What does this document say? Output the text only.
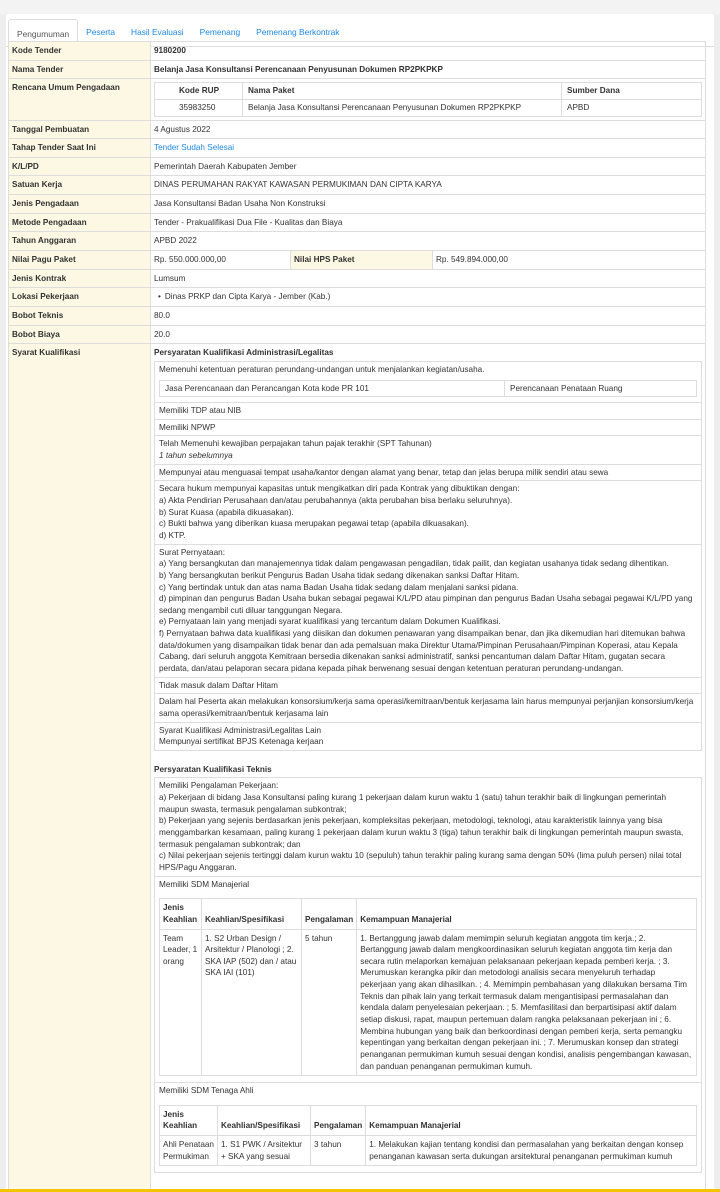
Pengumuman	Peserta	Hasil Evaluasi	Pemenang	Pemenang Berkontrak
Kode Tender	9180200
Nama Tender	Belanja Jasa Konsultansi Perencanaan Penyusunan Dokumen RP2PKPKP
Rencana Umum Pengadaan		Kode RUP	Nama Paket	Sumber Dana
35983250	Belanja Jasa Konsultansi Perencanaan Penyusunan Dokumen RP2PKPKP	APBD

Tanggal Pembuatan	4 Agustus 2022
Tahap Tender Saat Ini	Tender Sudah Selesai
K/L/PD	Pemerintah Daerah Kabupaten Jember
Satuan Kerja	DINAS PERUMAHAN RAKYAT KAWASAN PERMUKIMAN DAN CIPTA KARYA
Jenis Pengadaan	Jasa Konsultansi Badan Usaha Non Konstruksi
Metode Pengadaan	Tender - Prakualifikasi Dua File - Kualitas dan Biaya
Tahun Anggaran	APBD 2022
Nilai Pagu Paket	Rp. 550.000.000,00	Nilai HPS Paket	Rp. 549.894.000,00
Jenis Kontrak	Lumsum
Lokasi Pekerjaan	
•Dinas PRKP dan Cipta Karya - Jember (Kab.)

Bobot Teknis	80.0
Bobot Biaya	20.0
Syarat Kualifikasi	Persyaratan Kualifikasi Administrasi/Legalitas
Memenuhi ketentuan peraturan perundang-undangan untuk menjalankan kegiatan/usaha.
Jasa Perencanaan dan Perancangan Kota kode PR 101	Perencanaan Penataan Ruang
Memiliki TDP atau NIB
Memiliki NPWP
Telah Memenuhi kewajiban perpajakan tahun pajak terakhir (SPT Tahunan)
1 tahun sebelumnya
Mempunyai atau menguasai tempat usaha/kantor dengan alamat yang benar, tetap dan jelas berupa milik sendiri atau sewa
Secara hukum mempunyai kapasitas untuk mengikatkan diri pada Kontrak yang dibuktikan dengan:
a) Akta Pendirian Perusahaan dan/atau perubahannya (akta perubahan bisa berlaku seluruhnya).
b) Surat Kuasa (apabila dikuasakan).
c) Bukti bahwa yang diberikan kuasa merupakan pegawai tetap (apabila dikuasakan).
d) KTP.
Surat Pernyataan:
a) Yang bersangkutan dan manajemennya tidak dalam pengawasan pengadilan, tidak pailit, dan kegiatan usahanya tidak sedang dihentikan.
b) Yang bersangkutan berikut Pengurus Badan Usaha tidak sedang dikenakan sanksi Daftar Hitam.
c) Yang bertindak untuk dan atas nama Badan Usaha tidak sedang dalam menjalani sanksi pidana.
d) pimpinan dan pengurus Badan Usaha bukan sebagai pegawai K/L/PD atau pimpinan dan pengurus Badan Usaha sebagai pegawai K/L/PD yang sedang mengambil cuti diluar tanggungan Negara.
e) Pernyataan lain yang menjadi syarat kualifikasi yang tercantum dalam Dokumen Kualifikasi.
f) Pernyataan bahwa data kualifikasi yang diisikan dan dokumen penawaran yang disampaikan benar, dan jika dikemudian hari ditemukan bahwa data/dokumen yang disampaikan tidak benar dan ada pemalsuan maka Direktur Utama/Pimpinan Perusahaan/Pimpinan Koperasi, atau Kepala Cabang, dari seluruh anggota Kemitraan bersedia dikenakan sanksi administratif, sanksi pencantuman dalam Daftar Hitam, gugatan secara perdata, dan/atau pelaporan secara pidana kepada pihak berwenang sesuai dengan ketentuan peraturan perundang-undangan.
Tidak masuk dalam Daftar Hitam
Dalam hal Peserta akan melakukan konsorsium/kerja sama operasi/kemitraan/bentuk kerjasama lain harus mempunyai perjanjian konsorsium/kerja sama operasi/kemitraan/bentuk kerjasama lain
Syarat Kualifikasi Administrasi/Legalitas Lain
Mempunyai sertifikat BPJS Ketenaga kerjaan
Persyaratan Kualifikasi Teknis
Memiliki Pengalaman Pekerjaan:
a) Pekerjaan di bidang Jasa Konsultansi paling kurang 1 pekerjaan dalam kurun waktu 1 (satu) tahun terakhir baik di lingkungan pemerintah maupun swasta, termasuk pengalaman subkontrak;
b) Pekerjaan yang sejenis berdasarkan jenis pekerjaan, kompleksitas pekerjaan, metodologi, teknologi, atau karakteristik lainnya yang bisa menggambarkan kesamaan, paling kurang 1 pekerjaan dalam kurun waktu 3 (tiga) tahun terakhir baik di lingkungan pemerintah maupun swasta, termasuk pengalaman subkontrak; dan
c) Nilai pekerjaan sejenis tertinggi dalam kurun waktu 10 (sepuluh) tahun terakhir paling kurang sama dengan 50% (lima puluh persen) nilai total HPS/Pagu Anggaran.
Memiliki SDM Manajerial
Jenis Keahlian	Keahlian/Spesifikasi	Pengalaman	Kemampuan Manajerial
Team Leader, 1 orang	1. S2 Urban Design / Arsitektur / Planologi ; 2. SKA IAP (502) dan / atau SKA IAI (101)	5 tahun	1. Bertanggung jawab dalam memimpin seluruh kegiatan anggota tim kerja.; 2. Bertanggung jawab dalam mengkoordinasikan seluruh kegiatan anggota tim kerja dan secara rutin melaporkan kemajuan pelaksanaan pekerjaan kepada pemberi kerja. ; 3. Merumuskan kerangka pikir dan metodologi analisis secara menyeluruh terhadap pekerjaan yang akan dihasilkan. ; 4. Memimpin pembahasan yang dilakukan bersama Tim Teknis dan pihak lain yang terkait termasuk dalam mengantisipasi permasalahan dan kendala dalam penyelesaian pekerjaan. ; 5. Memfasilitasi dan berpartisipasi aktif dalam setiap diskusi, rapat, maupun pertemuan dalam rangka pelaksanaan pekerjaan ini ; 6. Membina hubungan yang baik dan berkoordinasi dengan pemberi kerja, serta pemangku kepentingan yang berkaitan dengan pekerjaan ini. ; 7. Merumuskan konsep dan strategi penanganan permukiman kumuh sesuai dengan kondisi, analisis pengembangan kawasan, dan panduan penanganan permukiman kumuh.
Memiliki SDM Tenaga Ahli
Jenis Keahlian	Keahlian/Spesifikasi	Pengalaman	Kemampuan Manajerial
Ahli Penataan Permukiman	1. S1 PWK / Arsitektur + SKA yang sesuai	3 tahun	1. Melakukan kajian tentang kondisi dan permasalahan yang berkaitan dengan konsep penanganan kawasan serta dukungan arsitektural penanganan permukiman kumuh
